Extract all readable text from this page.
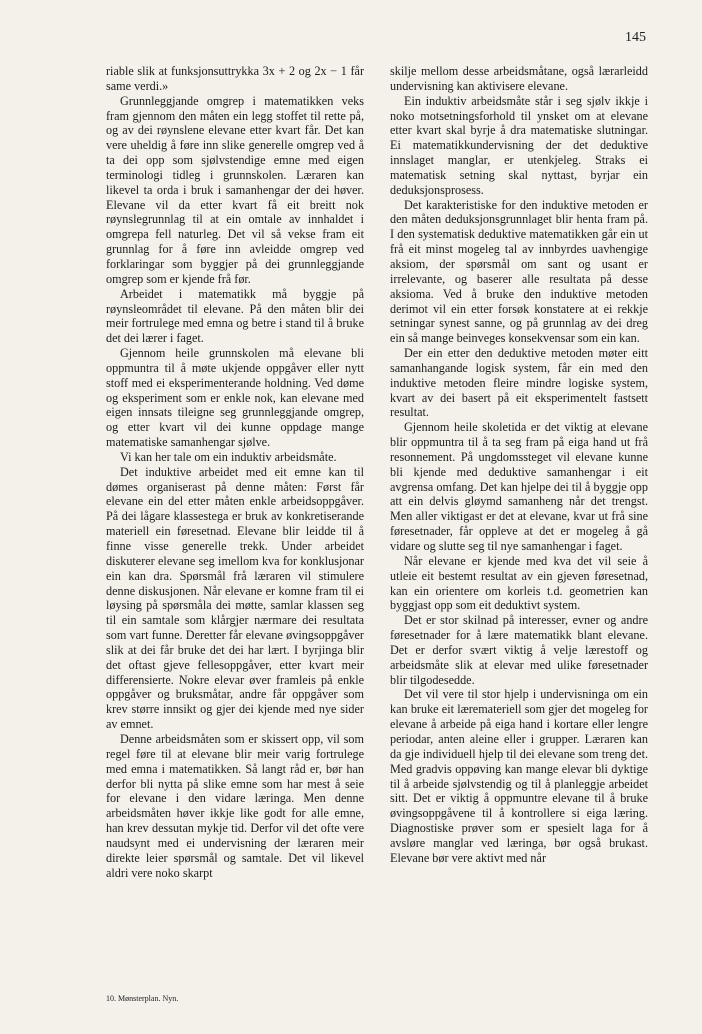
145

riable slik at funksjonsuttrykka 3x + 2 og 2x − 1 får same verdi.»

Grunnleggjande omgrep i matematikken veks fram gjennom den måten ein legg stoffet til rette på, og av dei røynslene elevane etter kvart får. Det kan vere uheldig å føre inn slike generelle omgrep ved å ta dei opp som sjølvstendige emne med eigen terminologi tidleg i grunnskolen. Læraren kan likevel ta orda i bruk i samanhengar der dei høver. Elevane vil da etter kvart få eit breitt nok røynslegrunnlag til at ein omtale av innhaldet i omgrepa fell naturleg. Det vil så vekse fram eit grunnlag for å føre inn avleidde omgrep ved forklaringar som byggjer på dei grunnleggjande omgrep som er kjende frå før.

Arbeidet i matematikk må byggje på røynsleområdet til elevane. På den måten blir dei meir fortrulege med emna og betre i stand til å bruke det dei lærer i faget.

Gjennom heile grunnskolen må elevane bli oppmuntra til å møte ukjende oppgåver eller nytt stoff med ei eksperimenterande holdning. Ved døme og eksperiment som er enkle nok, kan elevane med eigen innsats tileigne seg grunnleggjande omgrep, og etter kvart vil dei kunne oppdage mange matematiske samanhengar sjølve.

Vi kan her tale om ein induktiv arbeidsmåte.

Det induktive arbeidet med eit emne kan til dømes organiserast på denne måten: Først får elevane ein del etter måten enkle arbeidsoppgåver. På dei lågare klassestega er bruk av konkretiserande materiell ein føresetnad. Elevane blir leidde til å finne visse generelle trekk. Under arbeidet diskuterer elevane seg imellom kva for konklusjonar ein kan dra. Spørsmål frå læraren vil stimulere denne diskusjonen. Når elevane er komne fram til ei løysing på spørsmåla dei møtte, samlar klassen seg til ein samtale som klårgjer nærmare dei resultata som vart funne. Deretter får elevane øvingsoppgåver slik at dei får bruke det dei har lært. I byrjinga blir det oftast gjeve fellesoppgåver, etter kvart meir differensierte. Nokre elevar øver framleis på enkle oppgåver og bruksmåtar, andre får oppgåver som krev større innsikt og gjer dei kjende med nye sider av emnet.

Denne arbeidsmåten som er skissert opp, vil som regel føre til at elevane blir meir varig fortrulege med emna i matematikken. Så langt råd er, bør han derfor bli nytta på slike emne som har mest å seie for elevane i den vidare læringa. Men denne arbeidsmåten høver ikkje like godt for alle emne, han krev dessutan mykje tid. Derfor vil det ofte vere naudsynt med ei undervisning der læraren meir direkte leier spørsmål og samtale. Det vil likevel aldri vere noko skarpt

skilje mellom desse arbeidsmåtane, også lærarleidd undervisning kan aktivisere elevane.

Ein induktiv arbeidsmåte står i seg sjølv ikkje i noko motsetningsforhold til ynsket om at elevane etter kvart skal byrje å dra matematiske slutningar. Ei matematikkundervisning der det deduktive innslaget manglar, er utenkjeleg. Straks ei matematisk setning skal nyttast, byrjar ein deduksjonsprosess.

Det karakteristiske for den induktive metoden er den måten deduksjonsgrunnlaget blir henta fram på. I den systematisk deduktive matematikken går ein ut frå eit minst mogeleg tal av innbyrdes uavhengige aksiom, der spørsmål om sant og usant er irrelevante, og baserer alle resultata på desse aksioma. Ved å bruke den induktive metoden derimot vil ein etter forsøk konstatere at ei rekkje setningar synest sanne, og på grunnlag av dei dreg ein så mange beinveges konsekvensar som ein kan.

Der ein etter den deduktive metoden møter eitt samanhangande logisk system, får ein med den induktive metoden fleire mindre logiske system, kvart av dei basert på eit eksperimentelt fastsett resultat.

Gjennom heile skoletida er det viktig at elevane blir oppmuntra til å ta seg fram på eiga hand ut frå resonnement. På ungdomssteget vil elevane kunne bli kjende med deduktive samanhengar i eit avgrensa omfang. Det kan hjelpe dei til å byggje opp att ein delvis gløymd samanheng når det trengst. Men aller viktigast er det at elevane, kvar ut frå sine føresetnader, får oppleve at det er mogeleg å gå vidare og slutte seg til nye samanhengar i faget.

Når elevane er kjende med kva det vil seie å utleie eit bestemt resultat av ein gjeven føresetnad, kan ein orientere om korleis t.d. geometrien kan byggjast opp som eit deduktivt system.

Det er stor skilnad på interesser, evner og andre føresetnader for å lære matematikk blant elevane. Det er derfor svært viktig å velje lærestoff og arbeidsmåte slik at elevar med ulike føresetnader blir tilgodesedde.

Det vil vere til stor hjelp i undervisninga om ein kan bruke eit læremateriell som gjer det mogeleg for elevane å arbeide på eiga hand i kortare eller lengre periodar, anten aleine eller i grupper. Læraren kan da gje individuell hjelp til dei elevane som treng det. Med gradvis oppøving kan mange elevar bli dyktige til å arbeide sjølvstendig og til å planleggje arbeidet sitt. Det er viktig å oppmuntre elevane til å bruke øvingsoppgåvene til å kontrollere si eiga læring. Diagnostiske prøver som er spesielt laga for å avsløre manglar ved læringa, bør også brukast. Elevane bør vere aktivt med når

10. Mønsterplan. Nyn.
